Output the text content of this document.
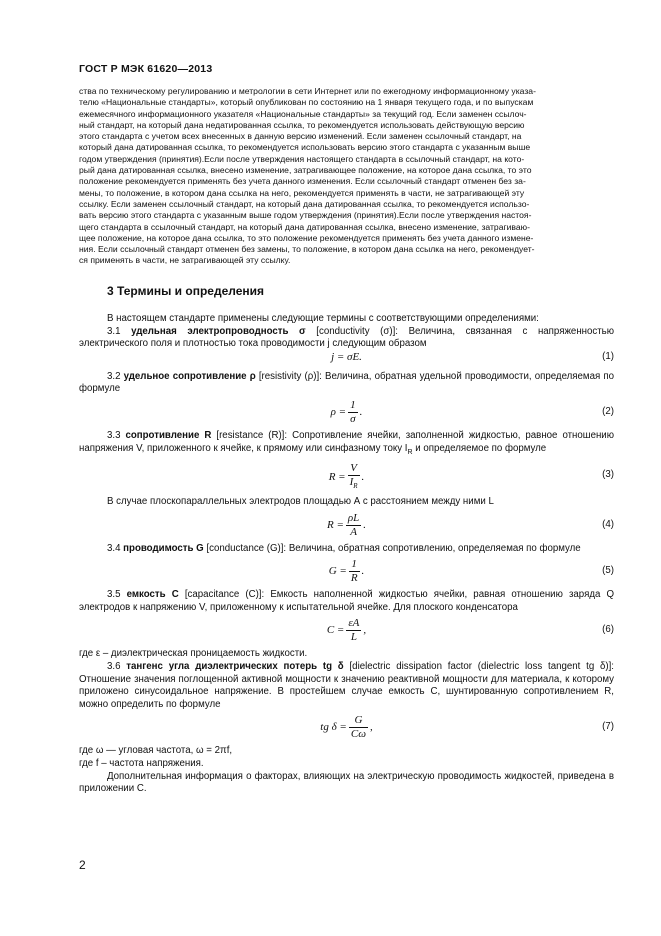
ГОСТ Р МЭК 61620—2013
ства по техническому регулированию и метрологии в сети Интернет или по ежегодному информационному указа-
телю «Национальные стандарты», который опубликован по состоянию на 1 января текущего года, и по выпускам
ежемесячного информационного указателя «Национальные стандарты» за текущий год. Если заменен ссылоч-
ный стандарт, на который дана недатированная ссылка, то рекомендуется использовать действующую версию
этого стандарта с учетом всех внесенных в данную версию изменений. Если заменен ссылочный стандарт, на
который дана датированная ссылка, то рекомендуется использовать версию этого стандарта с указанным выше
годом утверждения (принятия).Если после утверждения настоящего стандарта в ссылочный стандарт, на кото-
рый дана датированная ссылка, внесено изменение, затрагивающее положение, на которое дана ссылка, то это
положение рекомендуется применять без учета данного изменения. Если ссылочный стандарт отменен без за-
мены, то положение, в котором дана ссылка на него, рекомендуется применять в части, не затрагивающей эту
ссылку. Если заменен ссылочный стандарт, на который дана датированная ссылка, то рекомендуется использо-
вать версию этого стандарта с указанным выше годом утверждения (принятия).Если после утверждения настоя-
щего стандарта в ссылочный стандарт, на который дана датированная ссылка, внесено изменение, затрагиваю-
щее положение, на которое дана ссылка, то это положение рекомендуется применять без учета данного измене-
ния. Если ссылочный стандарт отменен без замены, то положение, в котором дана ссылка на него, рекомендует-
ся применять в части, не затрагивающей эту ссылку.
3 Термины и определения

В настоящем стандарте применены следующие термины с соответствующими определениями:

3.1 удельная электропроводность σ [conductivity (σ)]: Величина, связанная с напряженностью электрического поля и плотностью тока проводимости j следующим образом

j = σE.	(1)

3.2 удельное сопротивление ρ [resistivity (ρ)]: Величина, обратная удельной проводимости, определяемая по формуле

$\rho = \frac{1}{\sigma}$ .	(2)

3.3 сопротивление R [resistance (R)]: Сопротивление ячейки, заполненной жидкостью, равное отношению напряжения V, приложенного к ячейке, к прямому или синфазному току $I_R$ и определяемое по формуле

$R = \frac{V}{I_R}$ .	(3)

В случае плоскопараллельных электродов площадью А с расстоянием между ними L

$R = \frac{\rho L}{A}$ .	(4)

3.4 проводимость G [conductance (G)]: Величина, обратная сопротивлению, определяемая по формуле

$G = \frac{1}{R}$ .	(5)

3.5 емкость C [capacitance (C)]: Емкость наполненной жидкостью ячейки, равная отношению заряда Q электродов к напряжению V, приложенному к испытательной ячейке. Для плоского конденсатора

$C = \frac{\varepsilon A}{L}$ ,	(6)

где ε – диэлектрическая проницаемость жидкости.

3.6 тангенс угла диэлектрических потерь tg δ [dielectric dissipation factor (dielectric loss tangent tg δ)]: Отношение значения поглощенной активной мощности к значению реактивной мощности для материала, к которому приложено синусоидальное напряжение. В простейшем случае емкость C, шунтированную сопротивлением R, можно определить по формуле

tg $\delta = \frac{G}{C\omega}$ ,	(7)

где ω — угловая частота, ω = 2πf,

где f – частота напряжения.

Дополнительная информация о факторах, влияющих на электрическую проводимость жидкостей, приведена в приложении С.

2
